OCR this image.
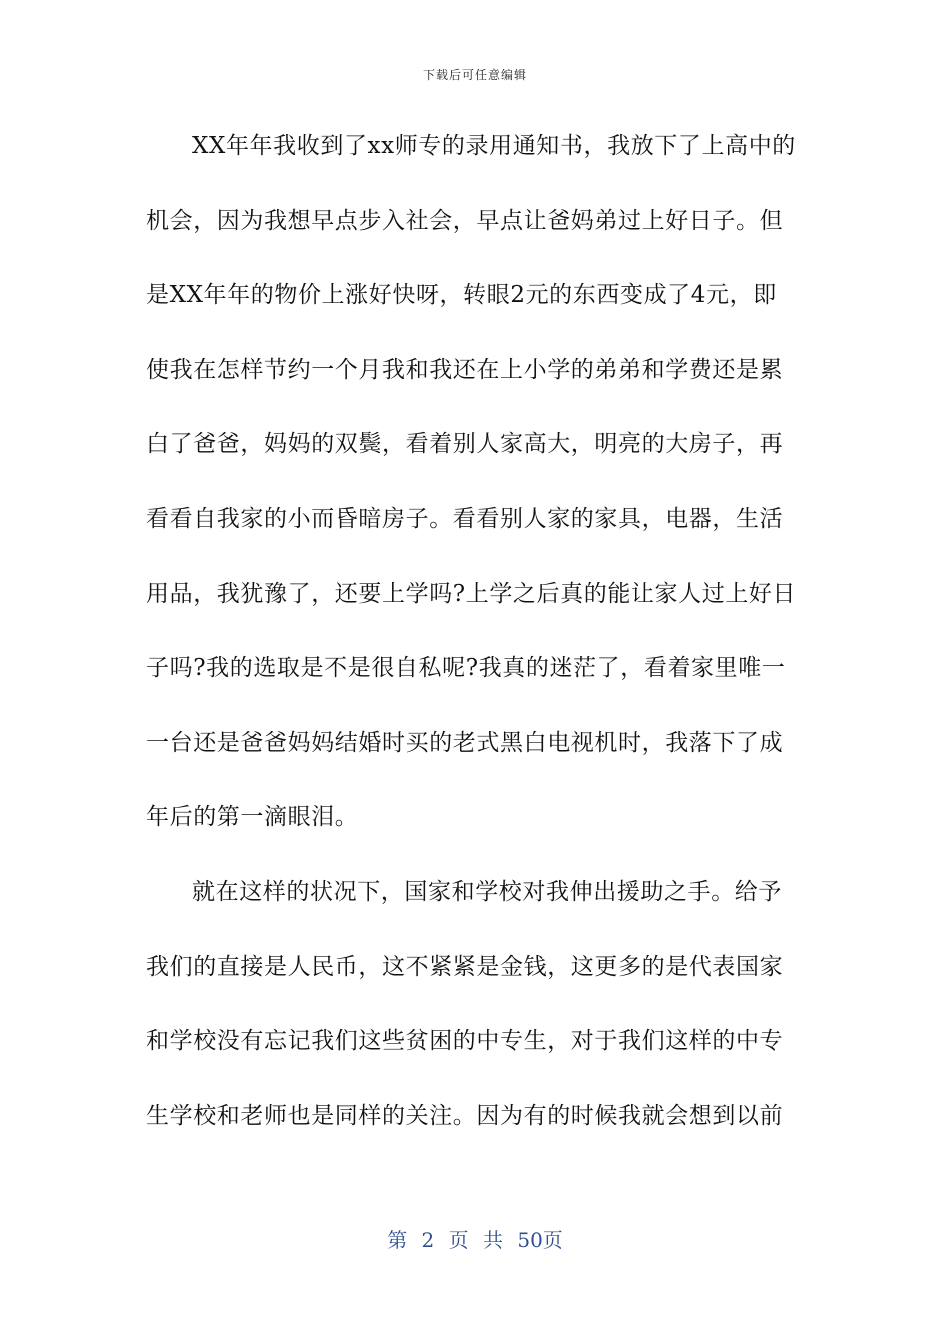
下载后可任意编辑
XX年年我收到了xx师专的录用通知书，我放下了上高中的
机会，因为我想早点步入社会，早点让爸妈弟过上好日子。但
是XX年年的物价上涨好快呀，转眼2元的东西变成了4元，即
使我在怎样节约一个月我和我还在上小学的弟弟和学费还是累
白了爸爸，妈妈的双鬓，看着别人家高大，明亮的大房子，再
看看自我家的小而昏暗房子。看看别人家的家具，电器，生活
用品，我犹豫了，还要上学吗?上学之后真的能让家人过上好日
子吗?我的选取是不是很自私呢?我真的迷茫了，看着家里唯一
一台还是爸爸妈妈结婚时买的老式黑白电视机时，我落下了成
年后的第一滴眼泪。
就在这样的状况下，国家和学校对我伸出援助之手。给予
我们的直接是人民币，这不紧紧是金钱，这更多的是代表国家
和学校没有忘记我们这些贫困的中专生，对于我们这样的中专
生学校和老师也是同样的关注。因为有的时候我就会想到以前
第 2 页 共 50页
